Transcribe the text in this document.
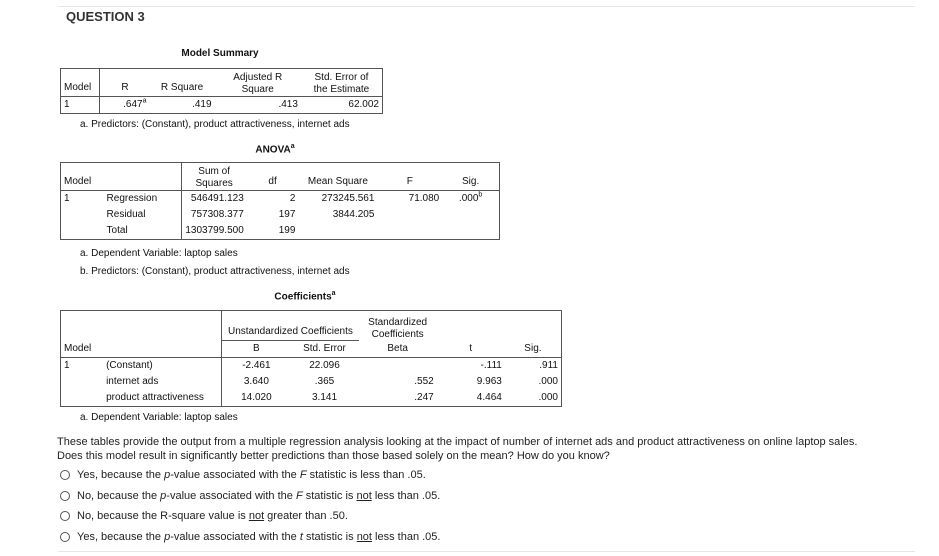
QUESTION 3
Model Summary
Model	R	R Square	Adjusted R
Square	Std. Error of
the Estimate
1	.647$^a$	.419	.413	62.002
a. Predictors: (Constant), product attractiveness, internet ads
ANOVA$^a$
Model		Sum of
Squares	df	Mean Square	F	Sig.
1	Regression	546491.123	2	273245.561	71.080	.000$^b$
	Residual	757308.377	197	3844.205		
	Total	1303799.500	199			
a. Dependent Variable: laptop sales
b. Predictors: (Constant), product attractiveness, internet ads
Coefficients$^a$
		Unstandardized Coefficients		Standardized
Coefficients		
Model		B	Std. Error	Beta	t	Sig.
1	(Constant)	-2.461	22.096		-.111	.911
	internet ads	3.640	.365	.552	9.963	.000
	product attractiveness	14.020	3.141	.247	4.464	.000
a. Dependent Variable: laptop sales
These tables provide the output from a multiple regression analysis looking at the impact of number of internet ads and product attractiveness on online laptop sales.
Does this model result in significantly better predictions than those based solely on the mean? How do you know?
Yes, because the p-value associated with the F statistic is less than .05.
No, because the p-value associated with the F statistic is not less than .05.
No, because the R-square value is not greater than .50.
Yes, because the p-value associated with the t statistic is not less than .05.
